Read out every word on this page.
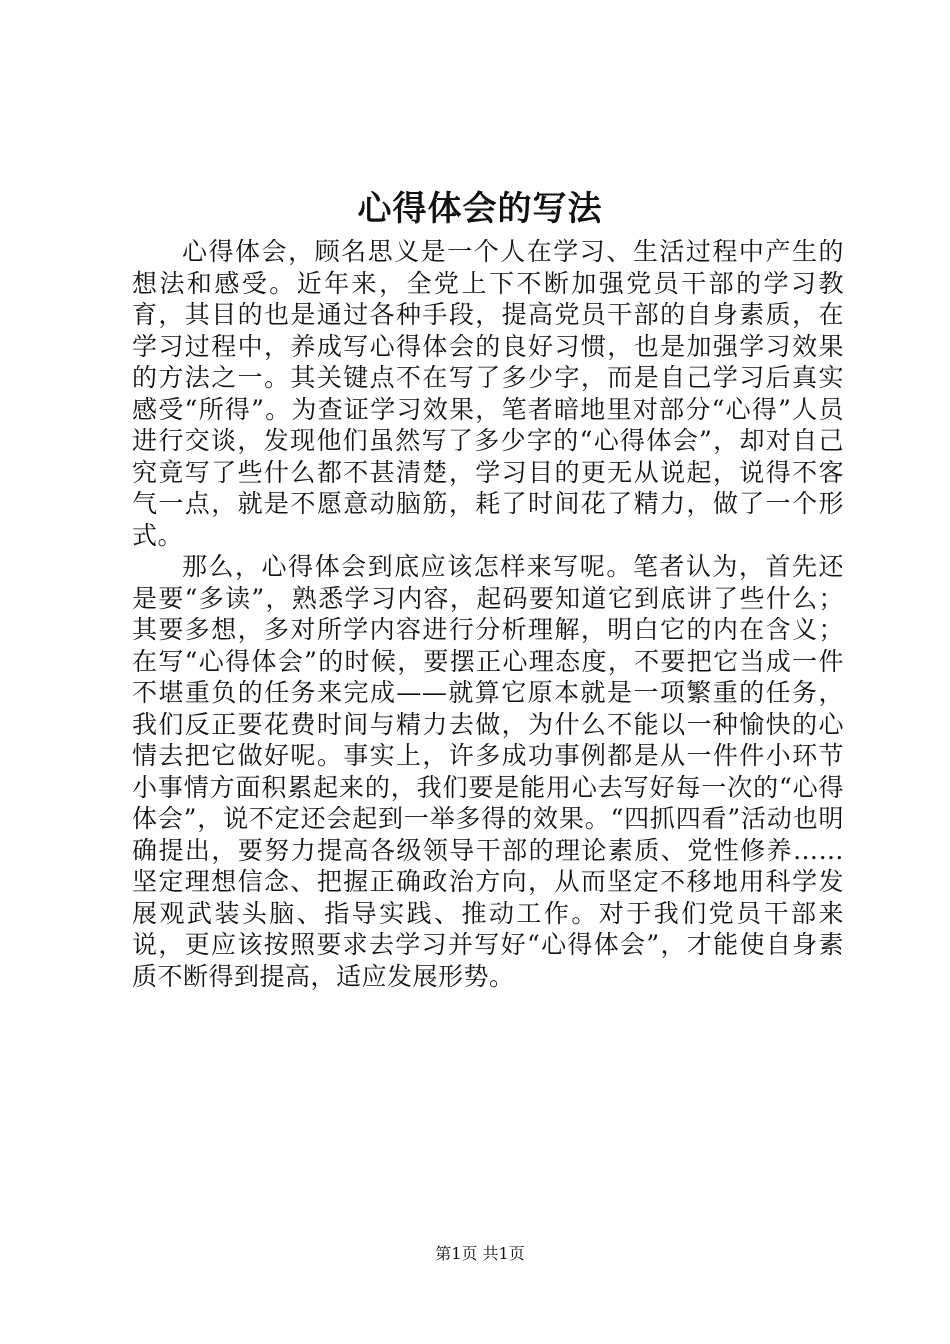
心得体会的写法

心得体会，顾名思义是一个人在学习、生活过程中产生的想法和感受。近年来，全党上下不断加强党员干部的学习教育，其目的也是通过各种手段，提高党员干部的自身素质，在学习过程中，养成写心得体会的良好习惯，也是加强学习效果的方法之一。其关键点不在写了多少字，而是自己学习后真实感受“所得”。为查证学习效果，笔者暗地里对部分“心得”人员进行交谈，发现他们虽然写了多少字的“心得体会”，却对自己究竟写了些什么都不甚清楚，学习目的更无从说起，说得不客气一点，就是不愿意动脑筋，耗了时间花了精力，做了一个形式。

那么，心得体会到底应该怎样来写呢。笔者认为，首先还是要“多读”，熟悉学习内容，起码要知道它到底讲了些什么；其要多想，多对所学内容进行分析理解，明白它的内在含义；在写“心得体会”的时候，要摆正心理态度，不要把它当成一件不堪重负的任务来完成——就算它原本就是一项繁重的任务，我们反正要花费时间与精力去做，为什么不能以一种愉快的心情去把它做好呢。事实上，许多成功事例都是从一件件小环节小事情方面积累起来的，我们要是能用心去写好每一次的“心得体会”，说不定还会起到一举多得的效果。“四抓四看”活动也明确提出，要努力提高各级领导干部的理论素质、党性修养……坚定理想信念、把握正确政治方向，从而坚定不移地用科学发展观武装头脑、指导实践、推动工作。对于我们党员干部来说，更应该按照要求去学习并写好“心得体会”，才能使自身素质不断得到提高，适应发展形势。

第1页 共1页
